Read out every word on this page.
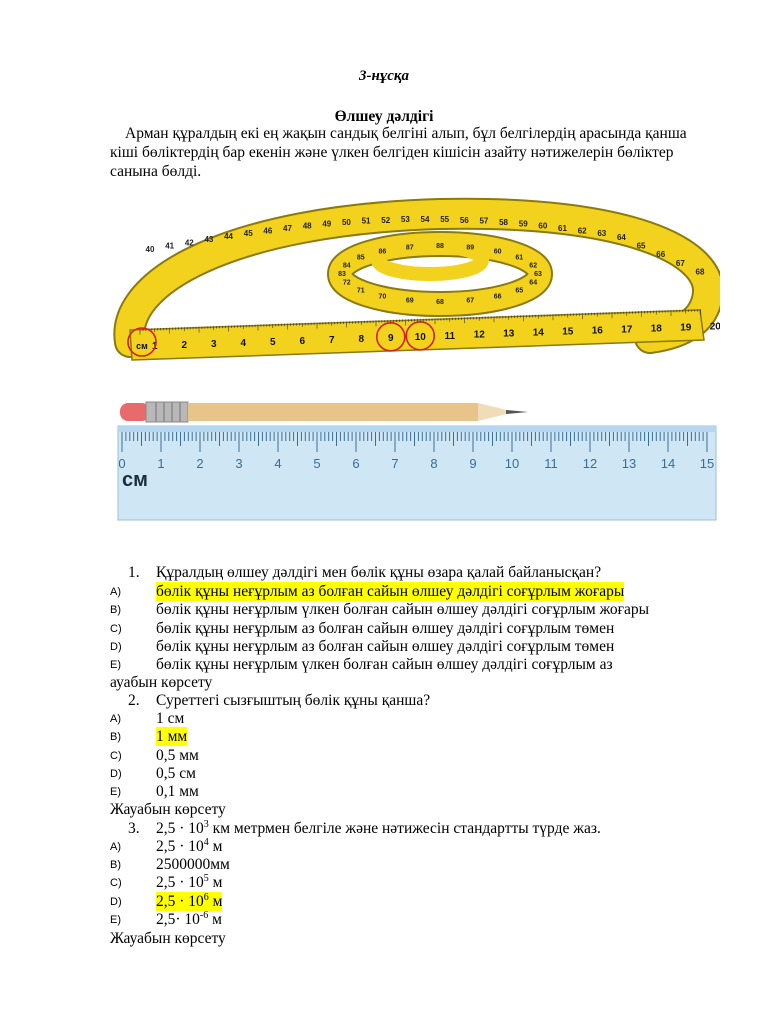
3-нұсқа
Өлшеу дәлдігі
Арман құралдың екі ең жақын сандық белгіні алып, бұл белгілердің арасында қанша кіші бөліктердің бар екенін және үлкен белгіден кішісін азайту нәтижелерін бөліктер санына бөлді.
40 41 42 43 44 45 46 47 48 49 50 51 52 53 54 55 56 57 58 59 60 61 62 63 64
65
66
67
68
83
84
85
86
87	88	89
60
61
62
63
64
65
66
67
68
69
70
71
72
1 2 3 4 5 6 7 8 9 10 11 12 13 14 15 16 17 18 19 20
см
0 1 2 3 4 5 6 7 8 9 10 11 12 13 14 15
см
1. Құралдың өлшеу дәлдігі мен бөлік құны өзара қалай байланысқан?
A) бөлік құны неғұрлым аз болған сайын өлшеу дәлдігі соғұрлым жоғары
B) бөлік құны неғұрлым үлкен болған сайын өлшеу дәлдігі соғұрлым жоғары
C) бөлік құны неғұрлым аз болған сайын өлшеу дәлдігі соғұрлым төмен
D) бөлік құны неғұрлым аз болған сайын өлшеу дәлдігі соғұрлым төмен
E) бөлік құны неғұрлым үлкен болған сайын өлшеу дәлдігі соғұрлым аз
ауабын көрсету
2. Суреттегі сызғыштың бөлік құны қанша?
A) 1 см
B) 1 мм
C) 0,5 мм
D) 0,5 см
E) 0,1 мм
Жауабын көрсету
3. $2,5 \cdot 10^3$ км метрмен белгіле және нәтижесін стандартты түрде жаз.
A) $2,5 \cdot 10^4$ м
B) 2500000мм
C) $2,5 \cdot 10^5$ м
D) $2,5 \cdot 10^6$ м
E) $2,5\cdot 10^{-6}$ м
Жауабын көрсету
